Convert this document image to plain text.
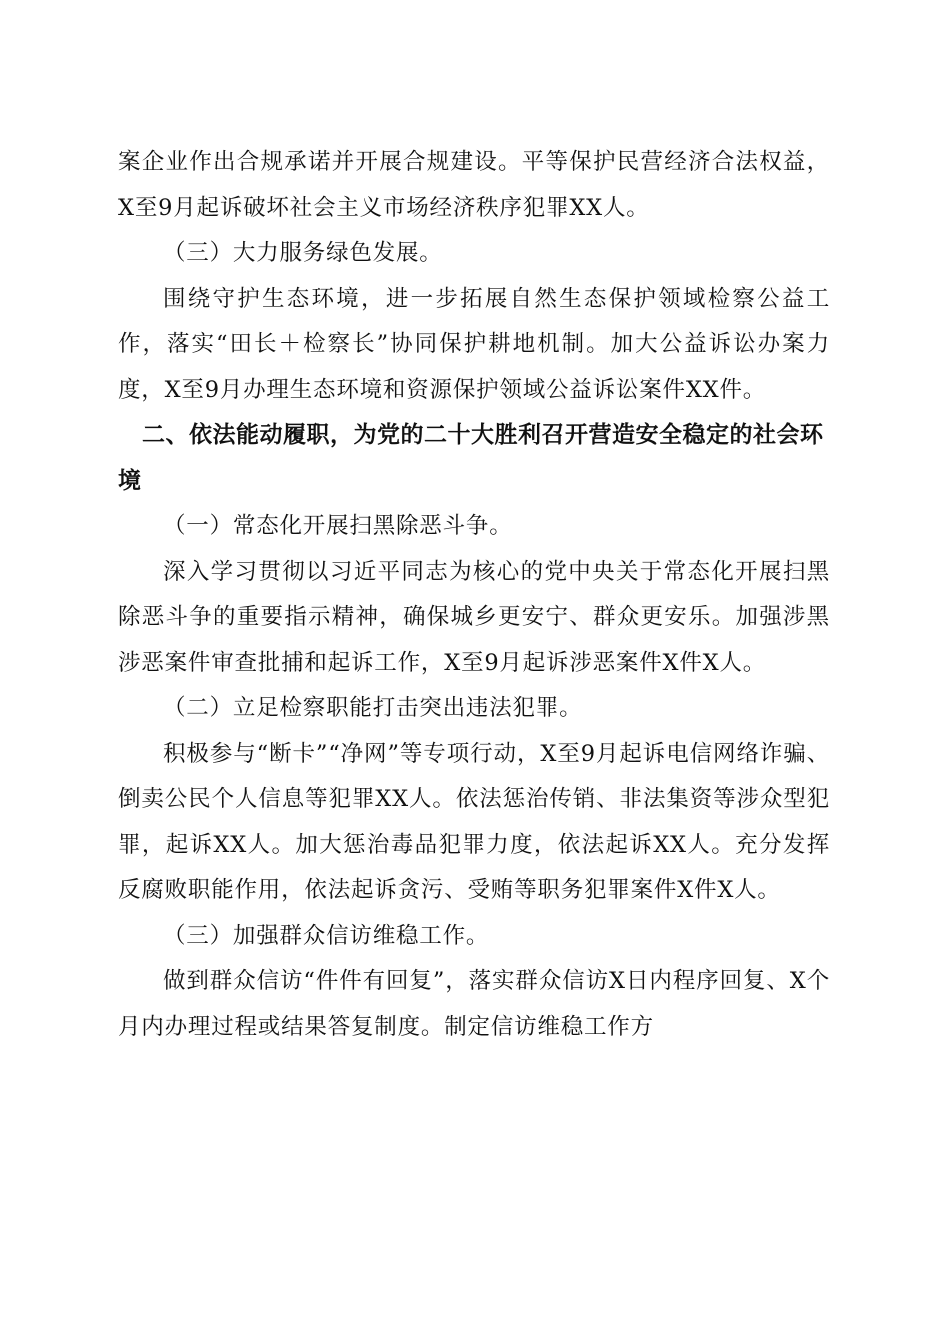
案企业作出合规承诺并开展合规建设。平等保护民营经济合法权益，X至9月起诉破坏社会主义市场经济秩序犯罪XX人。

（三）大力服务绿色发展。

围绕守护生态环境，进一步拓展自然生态保护领域检察公益工作，落实“田长＋检察长”协同保护耕地机制。加大公益诉讼办案力度，X至9月办理生态环境和资源保护领域公益诉讼案件XX件。

二、依法能动履职，为党的二十大胜利召开营造安全稳定的社会环境

（一）常态化开展扫黑除恶斗争。

深入学习贯彻以习近平同志为核心的党中央关于常态化开展扫黑除恶斗争的重要指示精神，确保城乡更安宁、群众更安乐。加强涉黑涉恶案件审查批捕和起诉工作，X至9月起诉涉恶案件X件X人。

（二）立足检察职能打击突出违法犯罪。

积极参与“断卡”“净网”等专项行动，X至9月起诉电信网络诈骗、倒卖公民个人信息等犯罪XX人。依法惩治传销、非法集资等涉众型犯罪，起诉XX人。加大惩治毒品犯罪力度，依法起诉XX人。充分发挥反腐败职能作用，依法起诉贪污、受贿等职务犯罪案件X件X人。

（三）加强群众信访维稳工作。

做到群众信访“件件有回复”，落实群众信访X日内程序回复、X个月内办理过程或结果答复制度。制定信访维稳工作方
